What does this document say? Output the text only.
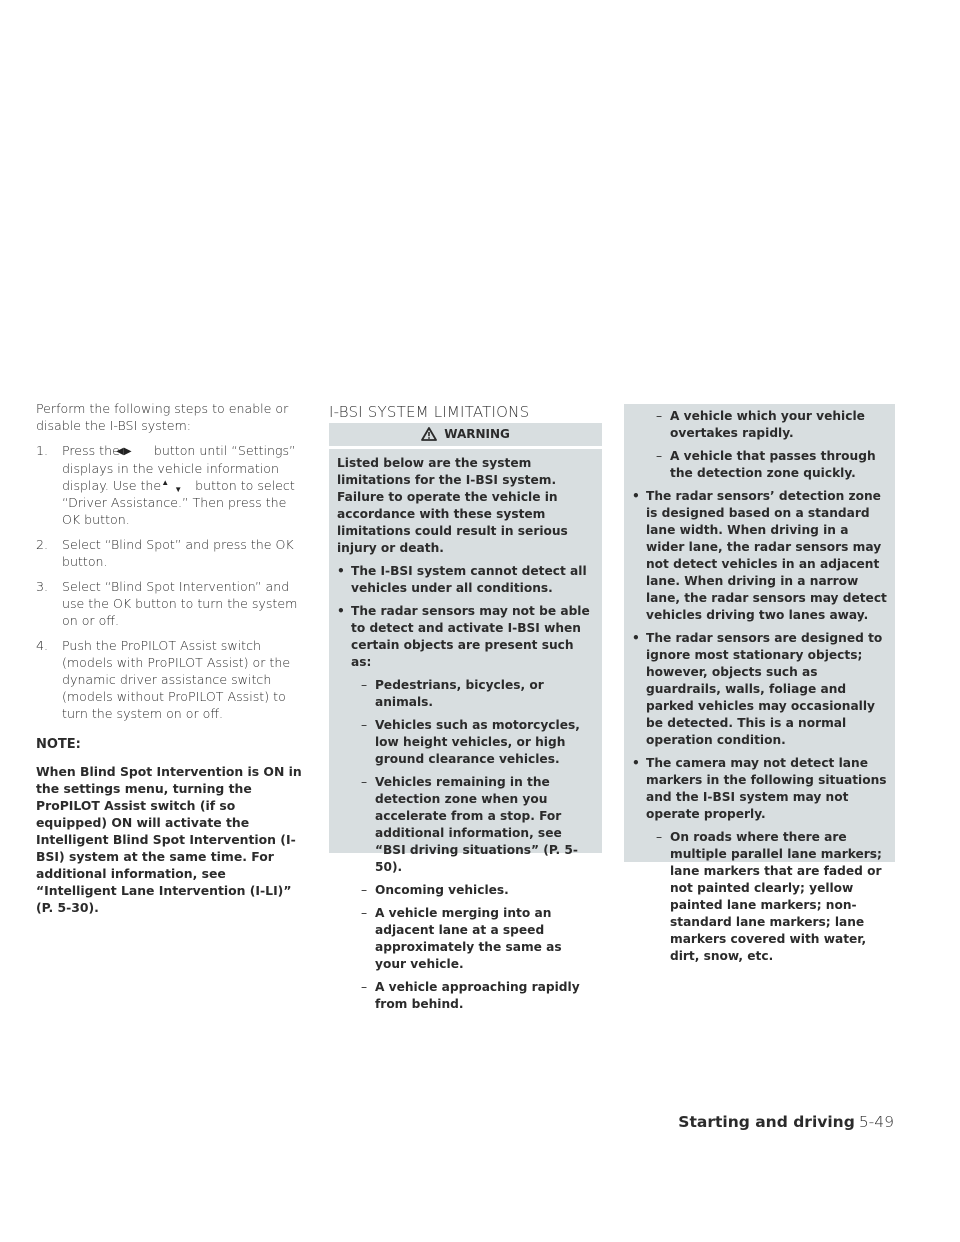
Perform the following steps to enable or disable the I-BSI system:

1. Press the ◀▶ button until “Settings” displays in the vehicle information display. Use the ▲
▼ button to select “Driver Assistance.” Then press the OK button.
2. Select “Blind Spot” and press the OK button.
3. Select “Blind Spot Intervention” and use the OK button to turn the system on or off.
4. Push the ProPILOT Assist switch (models with ProPILOT Assist) or the dynamic driver assistance switch (models without ProPILOT Assist) to turn the system on or off.
NOTE:
When Blind Spot Intervention is ON in the settings menu, turning the ProPILOT Assist switch (if so equipped) ON will activate the Intelligent Blind Spot Intervention (I-BSI) system at the same time. For additional information, see “Intelligent Lane Intervention (I-LI)” (P. 5-30).
I-BSI SYSTEM LIMITATIONS
WARNING
Listed below are the system limitations for the I-BSI system. Failure to operate the vehicle in accordance with these system limitations could result in serious injury or death.
• The I-BSI system cannot detect all vehicles under all conditions.
• The radar sensors may not be able to detect and activate I-BSI when certain objects are present such as:
– Pedestrians, bicycles, or animals.
– Vehicles such as motorcycles, low height vehicles, or high ground clearance vehicles.
– Vehicles remaining in the detection zone when you accelerate from a stop. For additional information, see “BSI driving situations” (P. 5-50).
– Oncoming vehicles.
– A vehicle merging into an adjacent lane at a speed approximately the same as your vehicle.
– A vehicle approaching rapidly from behind.
– A vehicle which your vehicle overtakes rapidly.
– A vehicle that passes through the detection zone quickly.
• The radar sensors’ detection zone is designed based on a standard lane width. When driving in a wider lane, the radar sensors may not detect vehicles in an adjacent lane. When driving in a narrow lane, the radar sensors may detect vehicles driving two lanes away.
• The radar sensors are designed to ignore most stationary objects; however, objects such as guardrails, walls, foliage and parked vehicles may occasionally be detected. This is a normal operation condition.
• The camera may not detect lane markers in the following situations and the I-BSI system may not operate properly.
– On roads where there are multiple parallel lane markers; lane markers that are faded or not painted clearly; yellow painted lane markers; non-standard lane markers; lane markers covered with water, dirt, snow, etc.
Starting and driving 5-49
